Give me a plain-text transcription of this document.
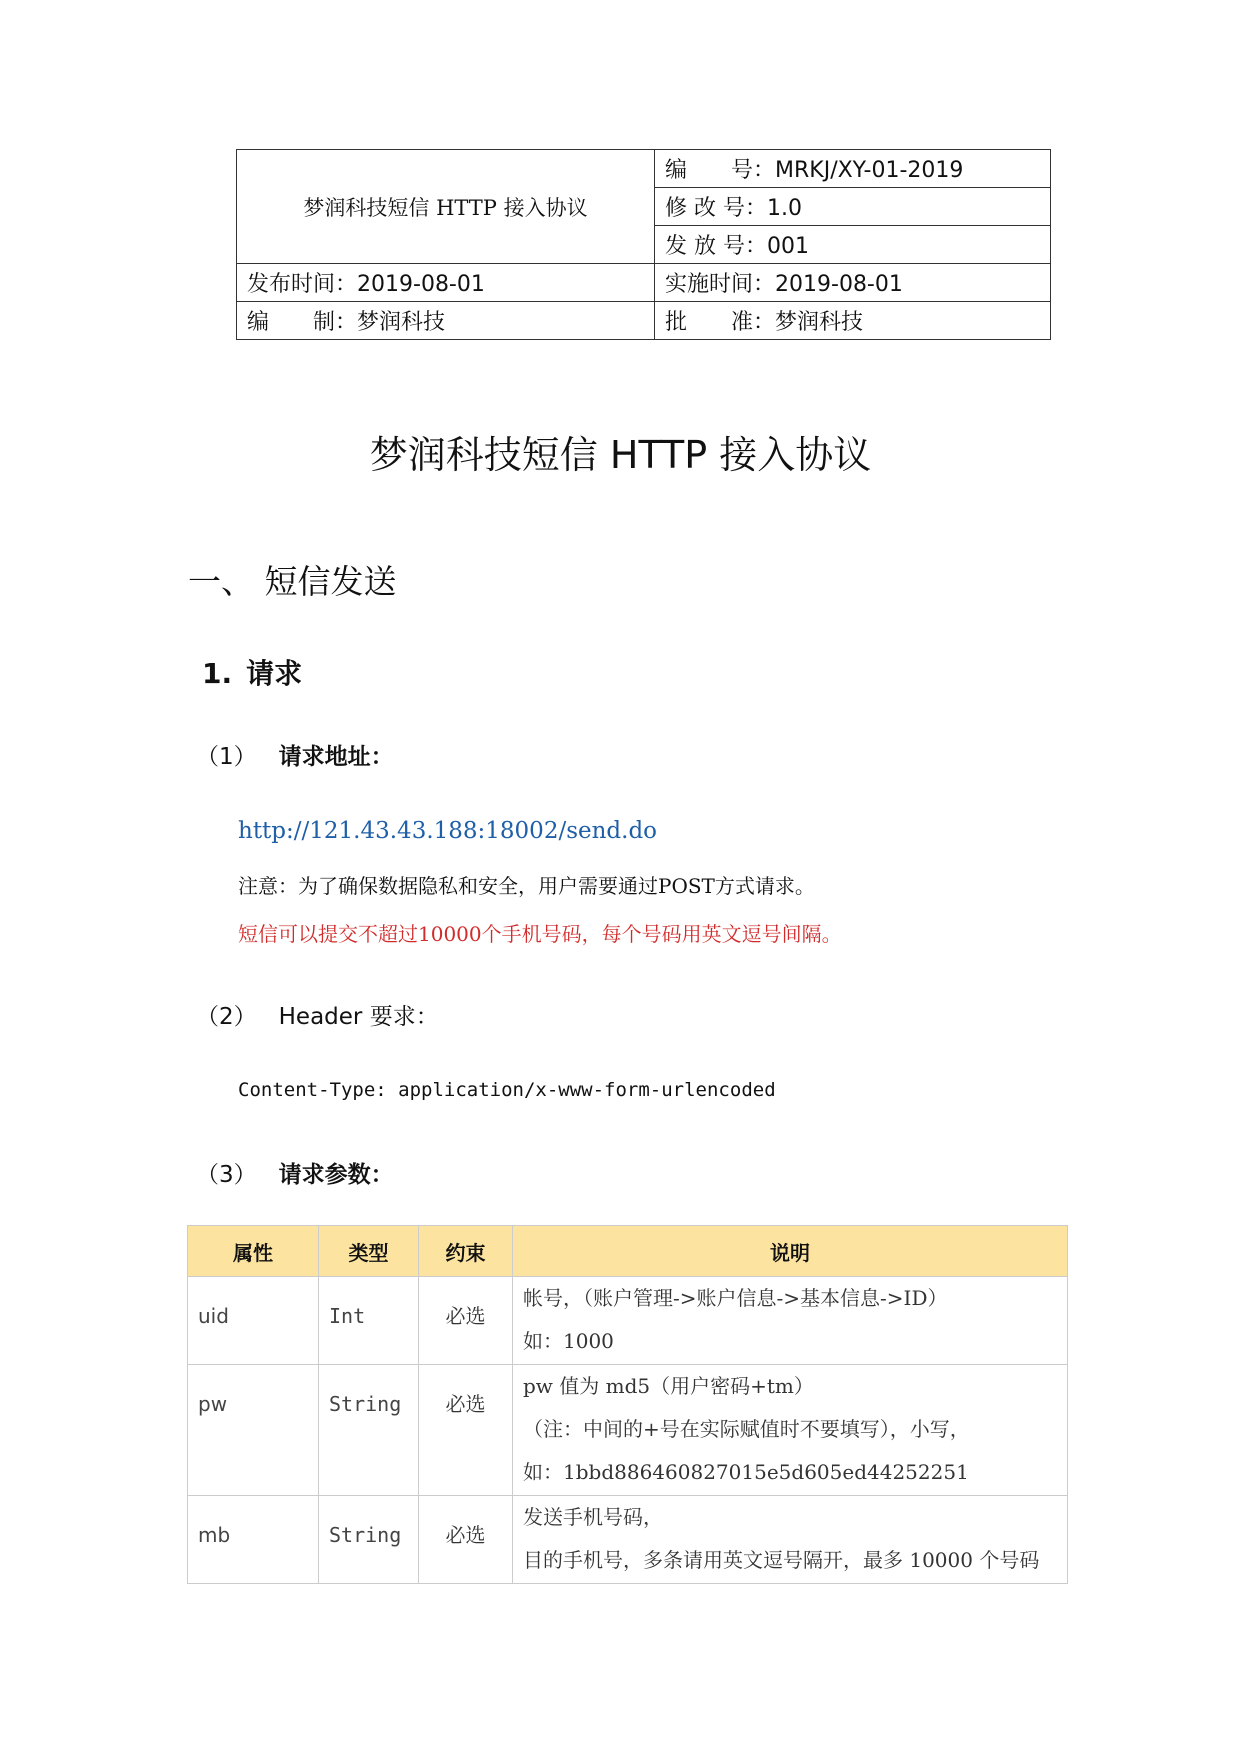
梦润科技短信 HTTP 接入协议	编　　号：MRKJ/XY-01-2019
	修 改 号：1.0
	发 放 号：001
发布时间：2019-08-01	实施时间：2019-08-01
编　　制：梦润科技	批　　准：梦润科技
梦润科技短信 HTTP 接入协议
一、 短信发送
1. 请求
（1） 请求地址：

http://121.43.43.188:18002/send.do

注意：为了确保数据隐私和安全，用户需要通过POST方式请求。

短信可以提交不超过10000个手机号码，每个号码用英文逗号间隔。

（2） Header 要求：

Content-Type: application/x-www-form-urlencoded

（3） 请求参数：
属性	类型	约束	说明
uid	Int	必选	帐号，（账户管理->账户信息->基本信息->ID）
如：1000

pw	String	必选	pw 值为 md5（用户密码+tm）
（注：中间的+号在实际赋值时不要填写），小写，
如：1bbd886460827015e5d605ed44252251

mb	String	必选	发送手机号码，
目的手机号，多条请用英文逗号隔开，最多 10000 个号码
